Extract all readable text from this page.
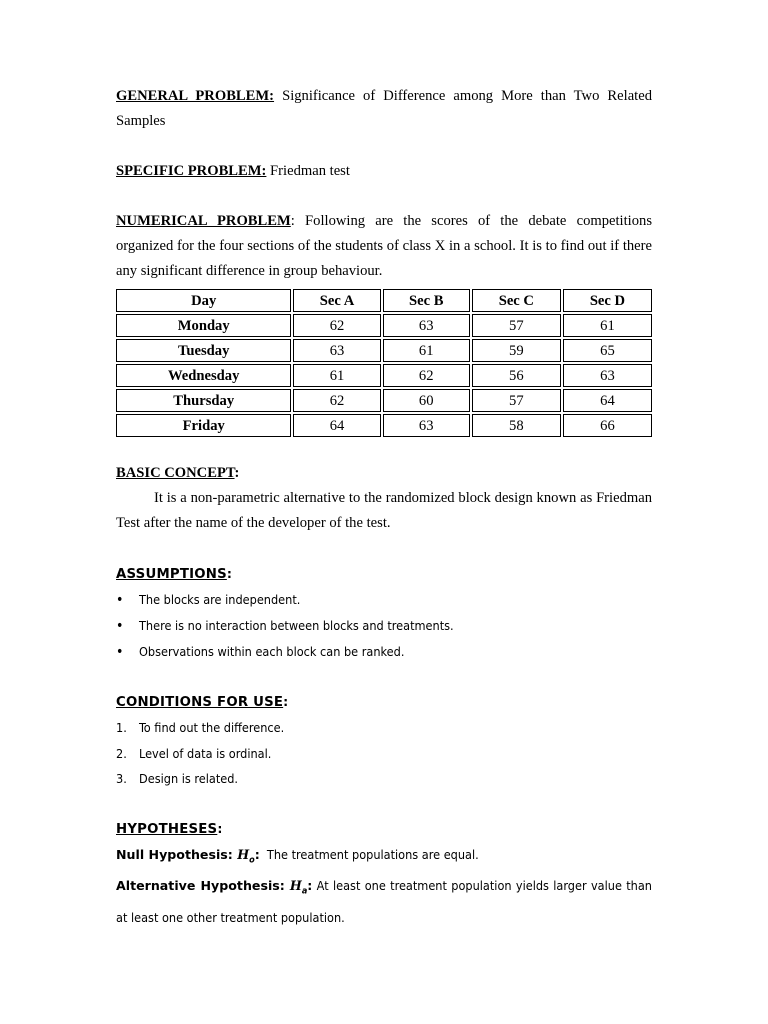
GENERAL PROBLEM: Significance of Difference among More than Two Related Samples

SPECIFIC PROBLEM: Friedman test

NUMERICAL PROBLEM: Following are the scores of the debate competitions organized for the four sections of the students of class X in a school. It is to find out if there any significant difference in group behaviour.

Day	Sec A	Sec B	Sec C	Sec D
Monday	62	63	57	61
Tuesday	63	61	59	65
Wednesday	61	62	56	63
Thursday	62	60	57	64
Friday	64	63	58	66

BASIC CONCEPT:

It is a non-parametric alternative to the randomized block design known as Friedman Test after the name of the developer of the test.

ASSUMPTIONS:

• The blocks are independent.
• There is no interaction between blocks and treatments.
• Observations within each block can be ranked.

CONDITIONS FOR USE:

1. To find out the difference.
2. Level of data is ordinal.
3. Design is related.

HYPOTHESES:

Null Hypothesis: $H_o$:  The treatment populations are equal.

Alternative Hypothesis: $H_a$: At least one treatment population yields larger value than at least one other treatment population.
